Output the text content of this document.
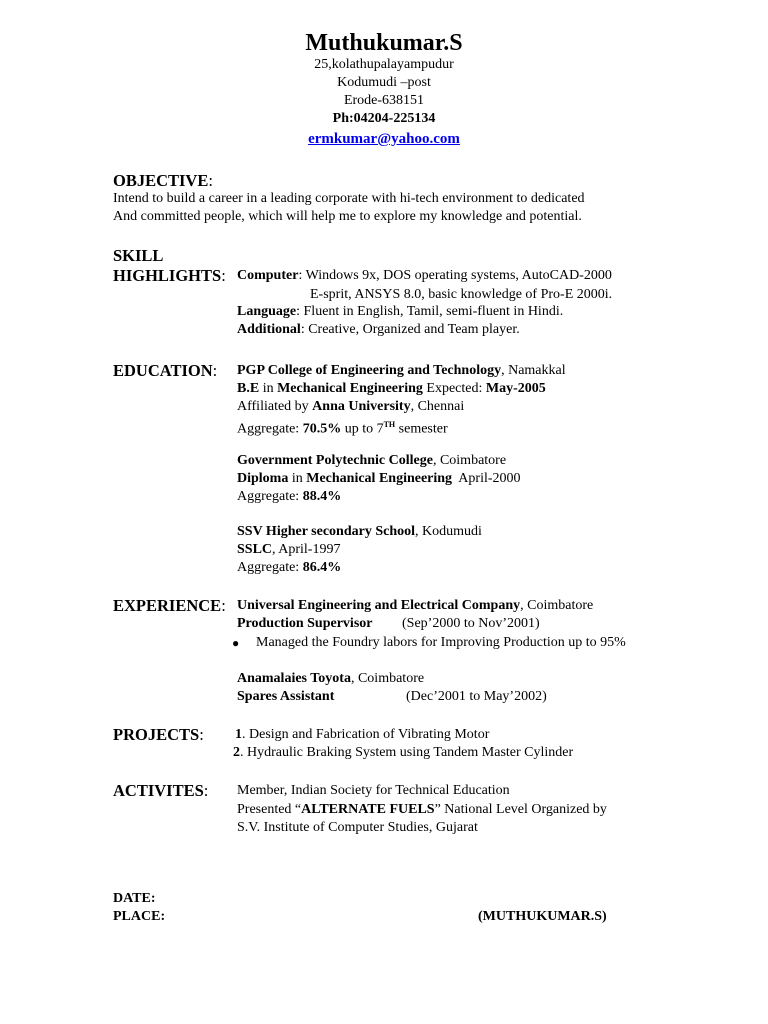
Muthukumar.S
25,kolathupalayampudur
Kodumudi –post
Erode-638151
Ph:04204-225134
ermkumar@yahoo.com
OBJECTIVE:
Intend to build a career in a leading corporate with hi-tech environment to dedicated
And committed people, which will help me to explore my knowledge and potential.
SKILL
HIGHLIGHTS: Computer: Windows 9x, DOS operating systems, AutoCAD-2000
E-sprit, ANSYS 8.0, basic knowledge of Pro-E 2000i.
Language: Fluent in English, Tamil, semi-fluent in Hindi.
Additional: Creative, Organized and Team player.
EDUCATION: PGP College of Engineering and Technology, Namakkal
B.E in Mechanical Engineering Expected: May-2005
Affiliated by Anna University, Chennai
Aggregate: 70.5% up to 7TH semester
Government Polytechnic College, Coimbatore
Diploma in Mechanical Engineering  April-2000
Aggregate: 88.4%
SSV Higher secondary School, Kodumudi
SSLC, April-1997
Aggregate: 86.4%
EXPERIENCE: Universal Engineering and Electrical Company, Coimbatore
Production Supervisor (Sep’2000 to Nov’2001)
● Managed the Foundry labors for Improving Production up to 95%
Anamalaies Toyota, Coimbatore
Spares Assistant	(Dec’2001 to May’2002)
PROJECTS: 1. Design and Fabrication of Vibrating Motor
2. Hydraulic Braking System using Tandem Master Cylinder
ACTIVITES: Member, Indian Society for Technical Education
Presented “ALTERNATE FUELS” National Level Organized by
S.V. Institute of Computer Studies, Gujarat
DATE:
PLACE:	(MUTHUKUMAR.S)
